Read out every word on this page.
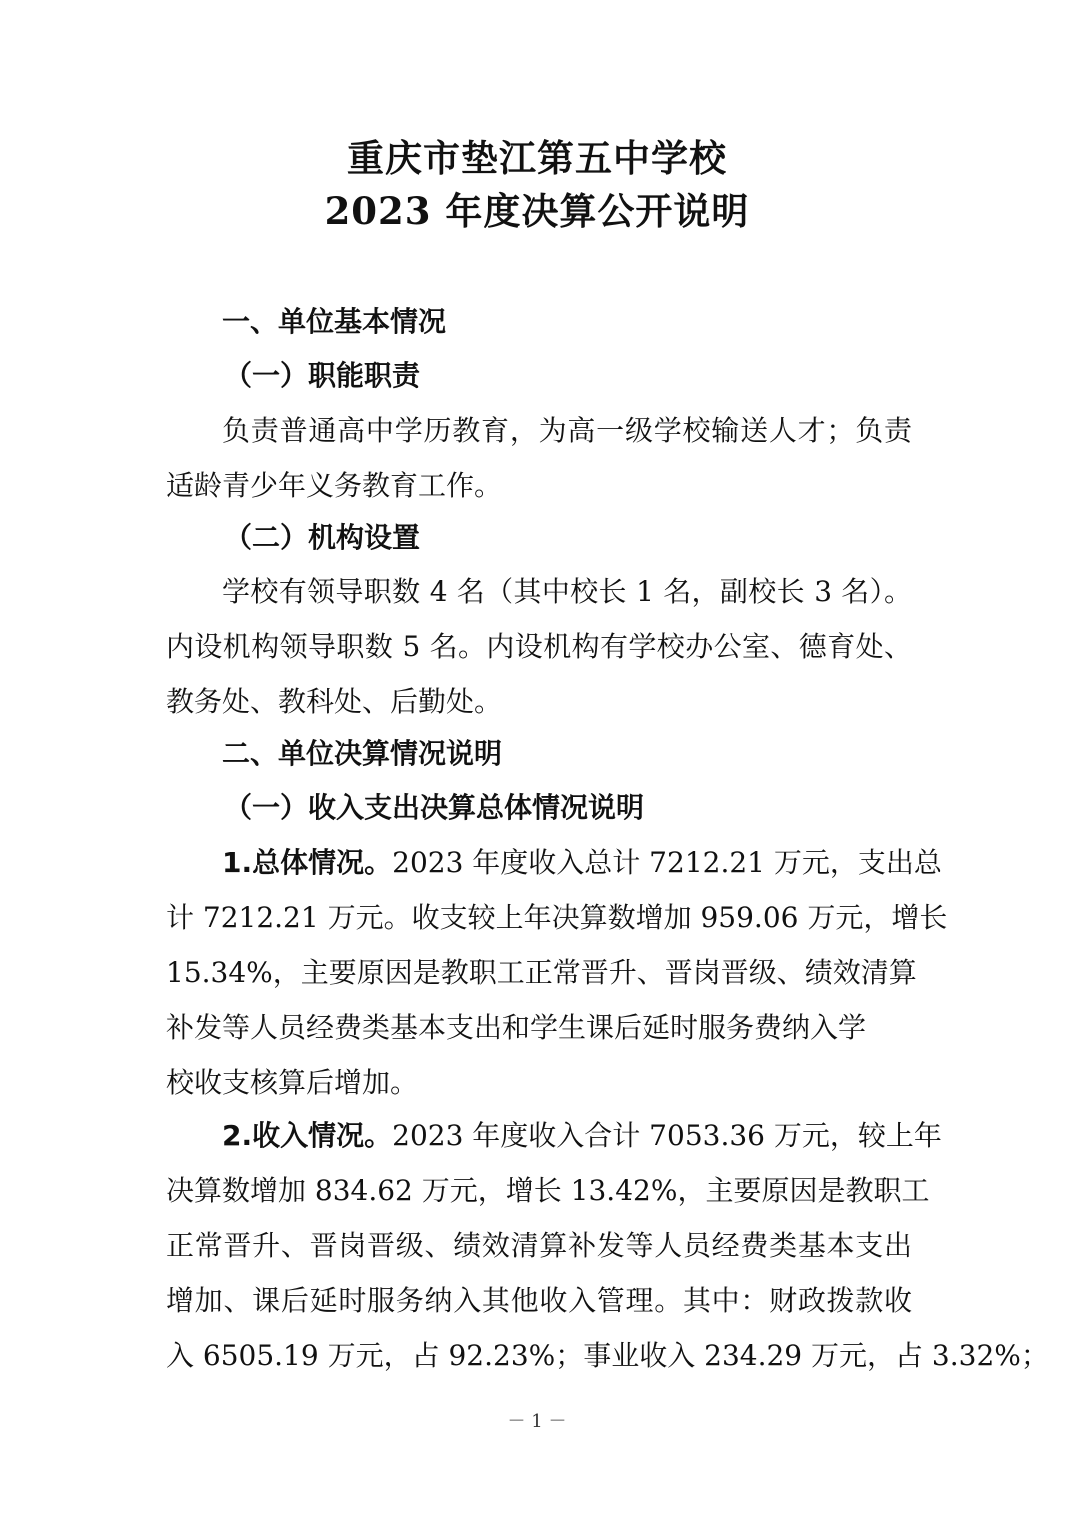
重庆市垫江第五中学校
2023 年度决算公开说明
一、单位基本情况
（一）职能职责
负责普通高中学历教育，为高一级学校输送人才；负责
适龄青少年义务教育工作。
（二）机构设置
学校有领导职数 4 名（其中校长 1 名，副校长 3 名）。
内设机构领导职数 5 名。内设机构有学校办公室、德育处、
教务处、教科处、后勤处。
二、单位决算情况说明
（一）收入支出决算总体情况说明
1.总体情况。2023 年度收入总计 7212.21 万元，支出总
计 7212.21 万元。收支较上年决算数增加 959.06 万元，增长
15.34%，主要原因是教职工正常晋升、晋岗晋级、绩效清算
补发等人员经费类基本支出和学生课后延时服务费纳入学
校收支核算后增加。
2.收入情况。2023 年度收入合计 7053.36 万元，较上年
决算数增加 834.62 万元，增长 13.42%，主要原因是教职工
正常晋升、晋岗晋级、绩效清算补发等人员经费类基本支出
增加、课后延时服务纳入其他收入管理。其中：财政拨款收
入 6505.19 万元，占 92.23%；事业收入 234.29 万元，占 3.32%；
－ 1 －
